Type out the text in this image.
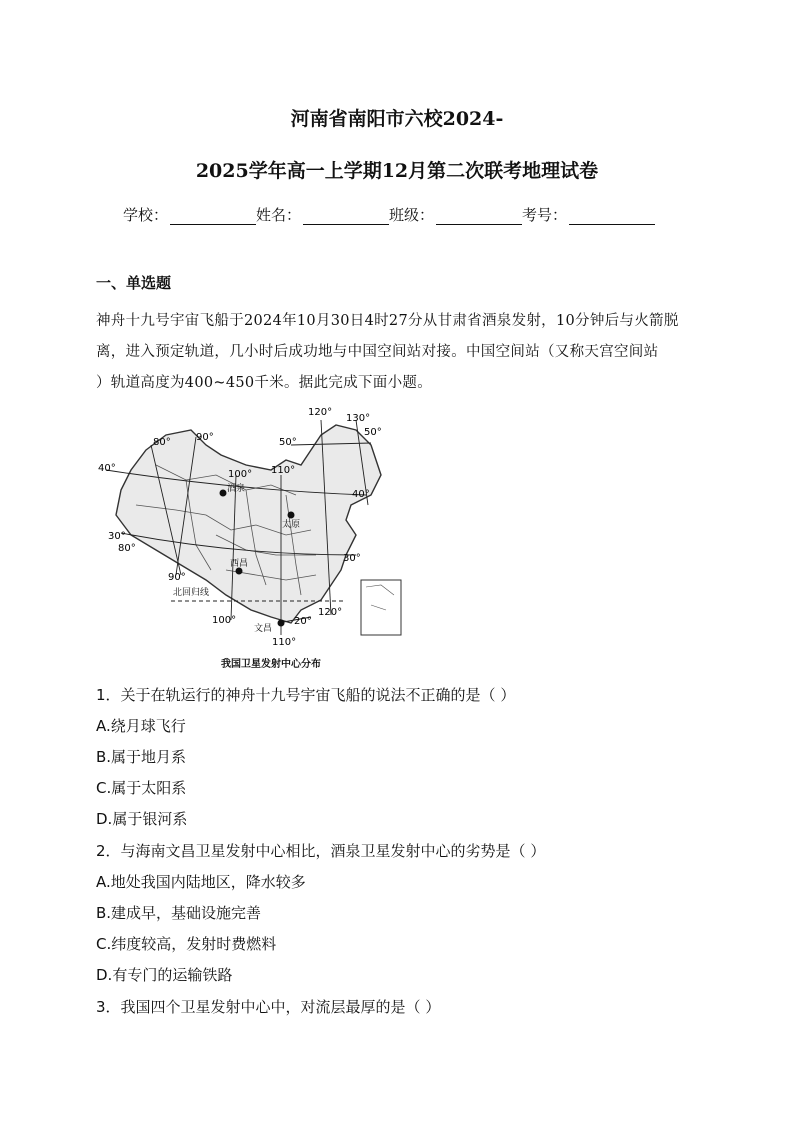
河南省南阳市六校2024-
2025学年高一上学期12月第二次联考地理试卷
学校：	姓名：	班级：	考号：
一、单选题
神舟十九号宇宙飞船于2024年10月30日4时27分从甘肃省酒泉发射，10分钟后与火箭脱
离，进入预定轨道，几小时后成功地与中国空间站对接。中国空间站（又称天宫空间站
）轨道高度为400~450千米。据此完成下面小题。
酒泉
太原
西昌
文昌
北回归线
80°	90°
100° 110°
120°
130°
80°
90°
100°
110°
120°
50°
50°
40°
40°
30°
30°
20°
我国卫星发射中心分布
1．关于在轨运行的神舟十九号宇宙飞船的说法不正确的是（ ）
A.绕月球飞行
B.属于地月系
C.属于太阳系
D.属于银河系
2．与海南文昌卫星发射中心相比，酒泉卫星发射中心的劣势是（ ）
A.地处我国内陆地区，降水较多
B.建成早，基础设施完善
C.纬度较高，发射时费燃料
D.有专门的运输铁路
3．我国四个卫星发射中心中，对流层最厚的是（ ）
